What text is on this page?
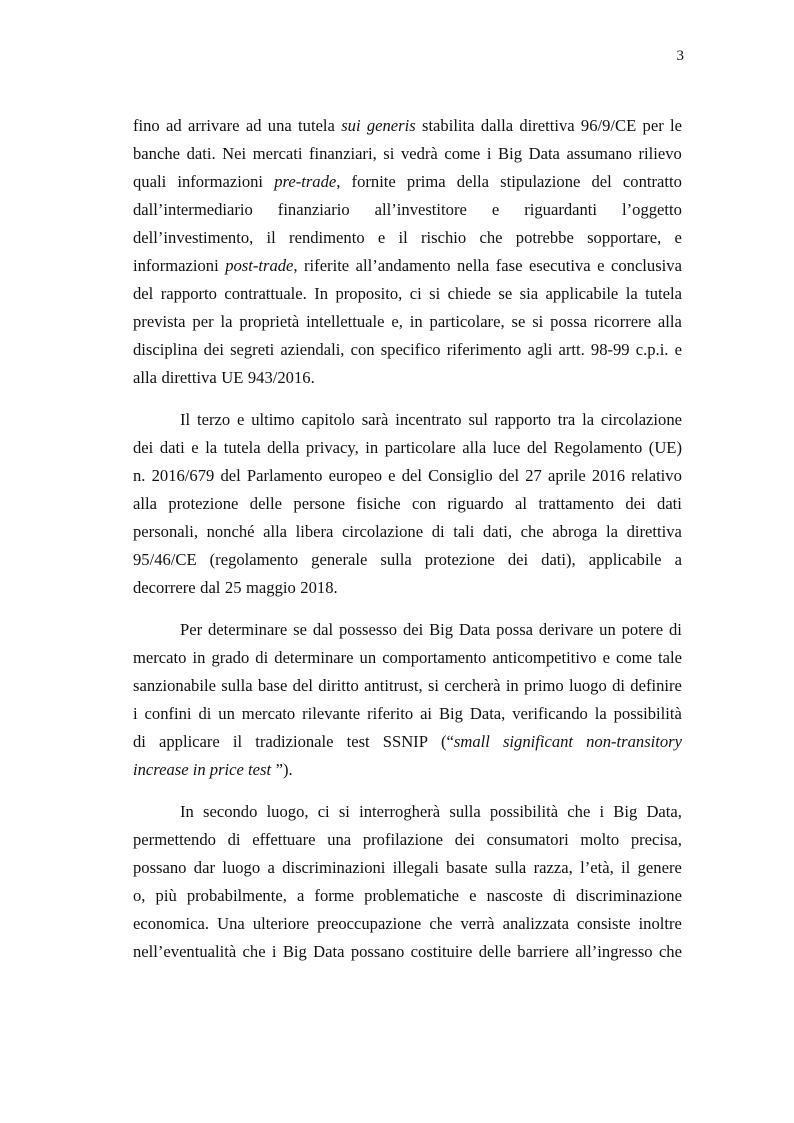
3
fino ad arrivare ad una tutela sui generis stabilita dalla direttiva 96/9/CE per le
banche dati. Nei mercati finanziari, si vedrà come i Big Data assumano rilievo
quali informazioni pre-trade, fornite prima della stipulazione del contratto
dall’intermediario finanziario all’investitore e riguardanti l’oggetto
dell’investimento, il rendimento e il rischio che potrebbe sopportare, e
informazioni post-trade, riferite all’andamento nella fase esecutiva e conclusiva
del rapporto contrattuale. In proposito, ci si chiede se sia applicabile la tutela
prevista per la proprietà intellettuale e, in particolare, se si possa ricorrere alla
disciplina dei segreti aziendali, con specifico riferimento agli artt. 98-99 c.p.i. e
alla direttiva UE 943/2016.
Il terzo e ultimo capitolo sarà incentrato sul rapporto tra la circolazione
dei dati e la tutela della privacy, in particolare alla luce del Regolamento (UE)
n. 2016/679 del Parlamento europeo e del Consiglio del 27 aprile 2016 relativo
alla protezione delle persone fisiche con riguardo al trattamento dei dati
personali, nonché alla libera circolazione di tali dati, che abroga la direttiva
95/46/CE (regolamento generale sulla protezione dei dati), applicabile a
decorrere dal 25 maggio 2018.
Per determinare se dal possesso dei Big Data possa derivare un potere di
mercato in grado di determinare un comportamento anticompetitivo e come tale
sanzionabile sulla base del diritto antitrust, si cercherà in primo luogo di definire
i confini di un mercato rilevante riferito ai Big Data, verificando la possibilità
di applicare il tradizionale test SSNIP (“small significant non-transitory
increase in price test ”).
In secondo luogo, ci si interrogherà sulla possibilità che i Big Data,
permettendo di effettuare una profilazione dei consumatori molto precisa,
possano dar luogo a discriminazioni illegali basate sulla razza, l’età, il genere
o, più probabilmente, a forme problematiche e nascoste di discriminazione
economica. Una ulteriore preoccupazione che verrà analizzata consiste inoltre
nell’eventualità che i Big Data possano costituire delle barriere all’ingresso che
